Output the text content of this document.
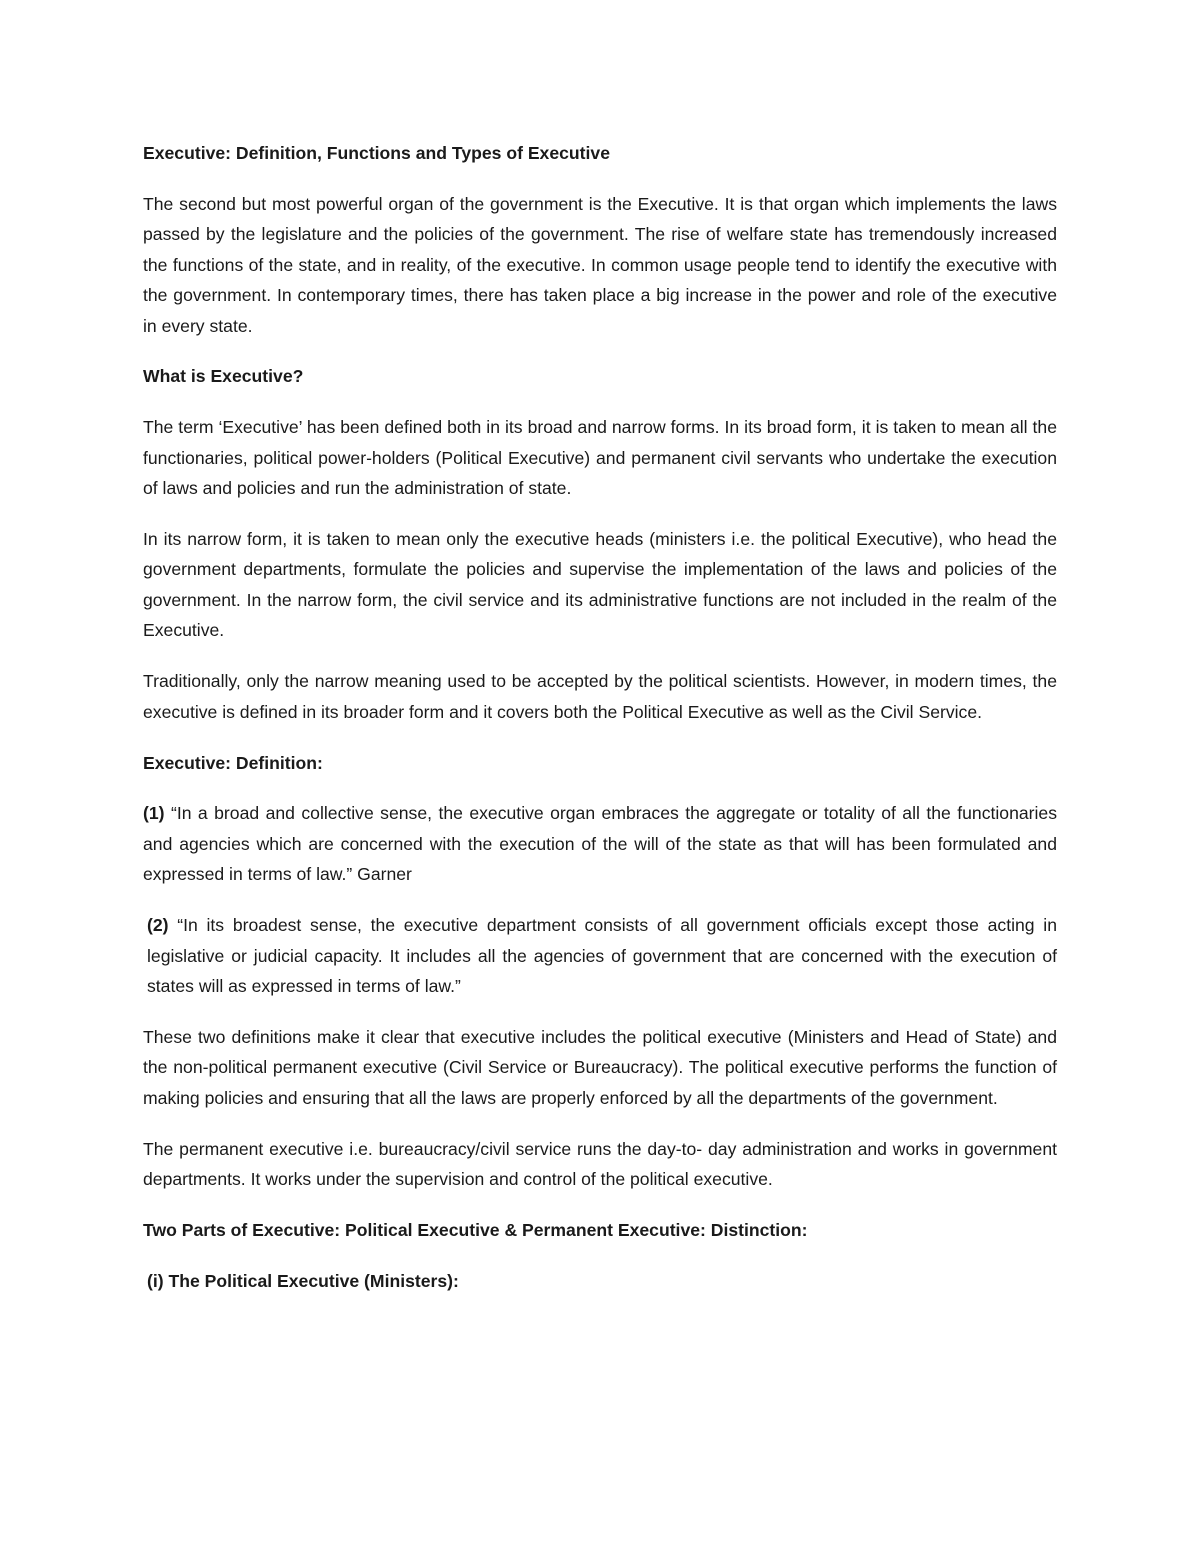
Executive: Definition, Functions and Types of Executive

The second but most powerful organ of the government is the Executive. It is that organ which implements the laws passed by the legislature and the policies of the government. The rise of welfare state has tremendously increased the functions of the state, and in reality, of the executive. In common usage people tend to identify the executive with the government. In contemporary times, there has taken place a big increase in the power and role of the executive in every state.

What is Executive?

The term ‘Executive’ has been defined both in its broad and narrow forms. In its broad form, it is taken to mean all the functionaries, political power-holders (Political Executive) and permanent civil servants who undertake the execution of laws and policies and run the administration of state.

In its narrow form, it is taken to mean only the executive heads (ministers i.e. the political Executive), who head the government departments, formulate the policies and supervise the implementation of the laws and policies of the government. In the narrow form, the civil service and its administrative functions are not included in the realm of the Executive.

Traditionally, only the narrow meaning used to be accepted by the political scientists. However, in modern times, the executive is defined in its broader form and it covers both the Political Executive as well as the Civil Service.

Executive: Definition:

(1) “In a broad and collective sense, the executive organ embraces the aggregate or totality of all the functionaries and agencies which are concerned with the execution of the will of the state as that will has been formulated and expressed in terms of law.” Garner

(2) “In its broadest sense, the executive department consists of all government officials except those acting in legislative or judicial capacity. It includes all the agencies of government that are concerned with the execution of states will as expressed in terms of law.”

These two definitions make it clear that executive includes the political executive (Ministers and Head of State) and the non-political permanent executive (Civil Service or Bureaucracy). The political executive performs the function of making policies and ensuring that all the laws are properly enforced by all the departments of the government.

The permanent executive i.e. bureaucracy/civil service runs the day-to- day administration and works in government departments. It works under the supervision and control of the political executive.

Two Parts of Executive: Political Executive & Permanent Executive: Distinction:

(i) The Political Executive (Ministers):
